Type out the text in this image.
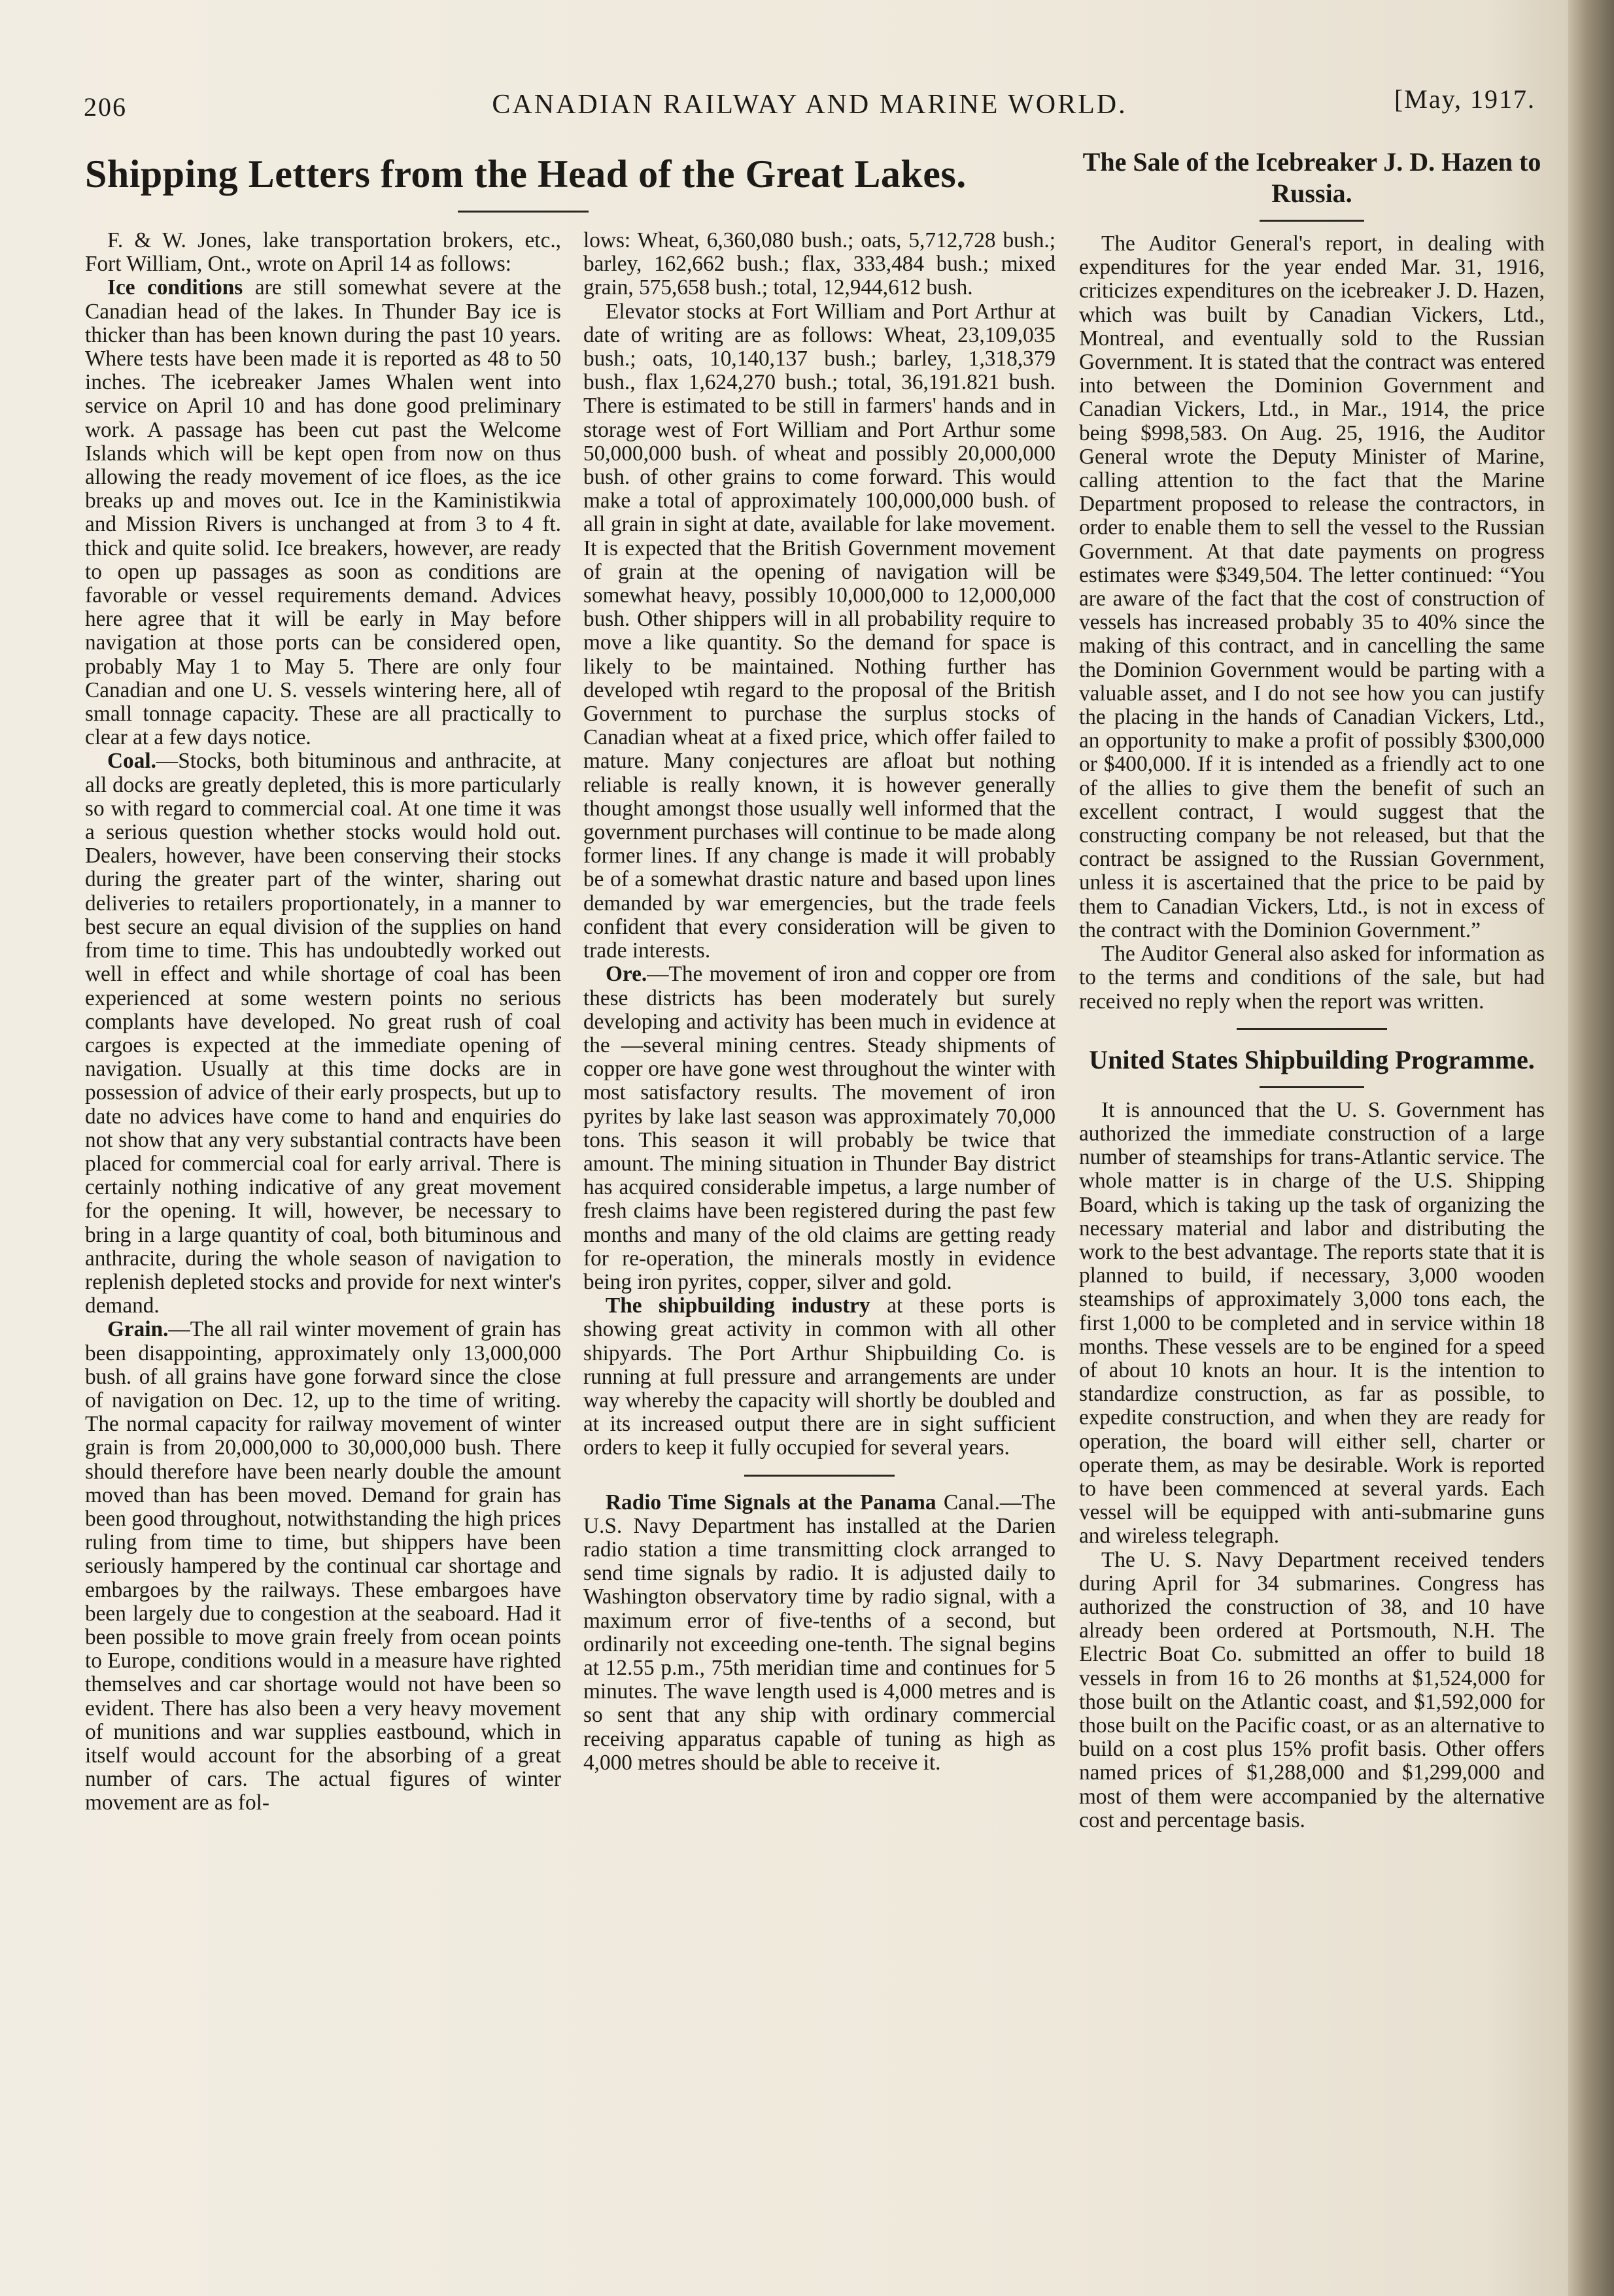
206	CANADIAN RAILWAY AND MARINE WORLD.	[May, 1917.
Shipping Letters from the Head of the Great Lakes.

F. & W. Jones, lake transportation brokers, etc., Fort William, Ont., wrote on April 14 as follows:

Ice conditions are still somewhat severe at the Canadian head of the lakes. In Thunder Bay ice is thicker than has been known during the past 10 years. Where tests have been made it is reported as 48 to 50 inches. The icebreaker James Whalen went into service on April 10 and has done good preliminary work. A passage has been cut past the Welcome Islands which will be kept open from now on thus allowing the ready movement of ice floes, as the ice breaks up and moves out. Ice in the Kaministikwia and Mission Rivers is unchanged at from 3 to 4 ft. thick and quite solid. Ice breakers, however, are ready to open up passages as soon as conditions are favorable or vessel requirements demand. Advices here agree that it will be early in May before navigation at those ports can be considered open, probably May 1 to May 5. There are only four Canadian and one U. S. vessels wintering here, all of small tonnage capacity. These are all practically to clear at a few days notice.

Coal.—Stocks, both bituminous and anthracite, at all docks are greatly depleted, this is more particularly so with regard to commercial coal. At one time it was a serious question whether stocks would hold out. Dealers, however, have been conserving their stocks during the greater part of the winter, sharing out deliveries to retailers proportionately, in a manner to best secure an equal division of the supplies on hand from time to time. This has undoubtedly worked out well in effect and while shortage of coal has been experienced at some western points no serious complants have developed. No great rush of coal cargoes is expected at the immediate opening of navigation. Usually at this time docks are in possession of advice of their early prospects, but up to date no advices have come to hand and enquiries do not show that any very substantial contracts have been placed for commercial coal for early arrival. There is certainly nothing indicative of any great movement for the opening. It will, however, be necessary to bring in a large quantity of coal, both bituminous and anthracite, during the whole season of navigation to replenish depleted stocks and provide for next winter's demand.

Grain.—The all rail winter movement of grain has been disappointing, approximately only 13,000,000 bush. of all grains have gone forward since the close of navigation on Dec. 12, up to the time of writing. The normal capacity for railway movement of winter grain is from 20,000,000 to 30,000,000 bush. There should therefore have been nearly double the amount moved than has been moved. Demand for grain has been good throughout, notwithstanding the high prices ruling from time to time, but shippers have been seriously hampered by the continual car shortage and embargoes by the railways. These embargoes have been largely due to congestion at the seaboard. Had it been possible to move grain freely from ocean points to Europe, conditions would in a measure have righted themselves and car shortage would not have been so evident. There has also been a very heavy movement of munitions and war supplies eastbound, which in itself would account for the absorbing of a great number of cars. The actual figures of winter movement are as fol-

lows: Wheat, 6,360,080 bush.; oats, 5,712,728 bush.; barley, 162,662 bush.; flax, 333,484 bush.; mixed grain, 575,658 bush.; total, 12,944,612 bush.

Elevator stocks at Fort William and Port Arthur at date of writing are as follows: Wheat, 23,109,035 bush.; oats, 10,140,137 bush.; barley, 1,318,379 bush., flax 1,624,270 bush.; total, 36,191.821 bush. There is estimated to be still in farmers' hands and in storage west of Fort William and Port Arthur some 50,000,000 bush. of wheat and possibly 20,000,000 bush. of other grains to come forward. This would make a total of approximately 100,000,000 bush. of all grain in sight at date, available for lake movement. It is expected that the British Government movement of grain at the opening of navigation will be somewhat heavy, possibly 10,000,000 to 12,000,000 bush. Other shippers will in all probability require to move a like quantity. So the demand for space is likely to be maintained. Nothing further has developed wtih regard to the proposal of the British Government to purchase the surplus stocks of Canadian wheat at a fixed price, which offer failed to mature. Many conjectures are afloat but nothing reliable is really known, it is however generally thought amongst those usually well informed that the government purchases will continue to be made along former lines. If any change is made it will probably be of a somewhat drastic nature and based upon lines demanded by war emergencies, but the trade feels confident that every consideration will be given to trade interests.

Ore.—The movement of iron and copper ore from these districts has been moderately but surely developing and activity has been much in evidence at the —several mining centres. Steady shipments of copper ore have gone west throughout the winter with most satisfactory results. The movement of iron pyrites by lake last season was approximately 70,000 tons. This season it will probably be twice that amount. The mining situation in Thunder Bay district has acquired considerable impetus, a large number of fresh claims have been registered during the past few months and many of the old claims are getting ready for re-operation, the minerals mostly in evidence being iron pyrites, copper, silver and gold.

The shipbuilding industry at these ports is showing great activity in common with all other shipyards. The Port Arthur Shipbuilding Co. is running at full pressure and arrangements are under way whereby the capacity will shortly be doubled and at its increased output there are in sight sufficient orders to keep it fully occupied for several years.

Radio Time Signals at the Panama Canal.—The U.S. Navy Department has installed at the Darien radio station a time transmitting clock arranged to send time signals by radio. It is adjusted daily to Washington observatory time by radio signal, with a maximum error of five-tenths of a second, but ordinarily not exceeding one-tenth. The signal begins at 12.55 p.m., 75th meridian time and continues for 5 minutes. The wave length used is 4,000 metres and is so sent that any ship with ordinary commercial receiving apparatus capable of tuning as high as 4,000 metres should be able to receive it.

The Sale of the Icebreaker J. D. Hazen to Russia.

The Auditor General's report, in dealing with expenditures for the year ended Mar. 31, 1916, criticizes expenditures on the icebreaker J. D. Hazen, which was built by Canadian Vickers, Ltd., Montreal, and eventually sold to the Russian Government. It is stated that the contract was entered into between the Dominion Government and Canadian Vickers, Ltd., in Mar., 1914, the price being $998,583. On Aug. 25, 1916, the Auditor General wrote the Deputy Minister of Marine, calling attention to the fact that the Marine Department proposed to release the contractors, in order to enable them to sell the vessel to the Russian Government. At that date payments on progress estimates were $349,504. The letter continued: “You are aware of the fact that the cost of construction of vessels has increased probably 35 to 40% since the making of this contract, and in cancelling the same the Dominion Government would be parting with a valuable asset, and I do not see how you can justify the placing in the hands of Canadian Vickers, Ltd., an opportunity to make a profit of possibly $300,000 or $400,000. If it is intended as a friendly act to one of the allies to give them the benefit of such an excellent contract, I would suggest that the constructing company be not released, but that the contract be assigned to the Russian Government, unless it is ascertained that the price to be paid by them to Canadian Vickers, Ltd., is not in excess of the contract with the Dominion Government.”

The Auditor General also asked for information as to the terms and conditions of the sale, but had received no reply when the report was written.

United States Shipbuilding Programme.

It is announced that the U. S. Government has authorized the immediate construction of a large number of steamships for trans-Atlantic service. The whole matter is in charge of the U.S. Shipping Board, which is taking up the task of organizing the necessary material and labor and distributing the work to the best advantage. The reports state that it is planned to build, if necessary, 3,000 wooden steamships of approximately 3,000 tons each, the first 1,000 to be completed and in service within 18 months. These vessels are to be engined for a speed of about 10 knots an hour. It is the intention to standardize construction, as far as possible, to expedite construction, and when they are ready for operation, the board will either sell, charter or operate them, as may be desirable. Work is reported to have been commenced at several yards. Each vessel will be equipped with anti-submarine guns and wireless telegraph.

The U. S. Navy Department received tenders during April for 34 submarines. Congress has authorized the construction of 38, and 10 have already been ordered at Portsmouth, N.H. The Electric Boat Co. submitted an offer to build 18 vessels in from 16 to 26 months at $1,524,000 for those built on the Atlantic coast, and $1,592,000 for those built on the Pacific coast, or as an alternative to build on a cost plus 15% profit basis. Other offers named prices of $1,288,000 and $1,299,000 and most of them were accompanied by the alternative cost and percentage basis.
